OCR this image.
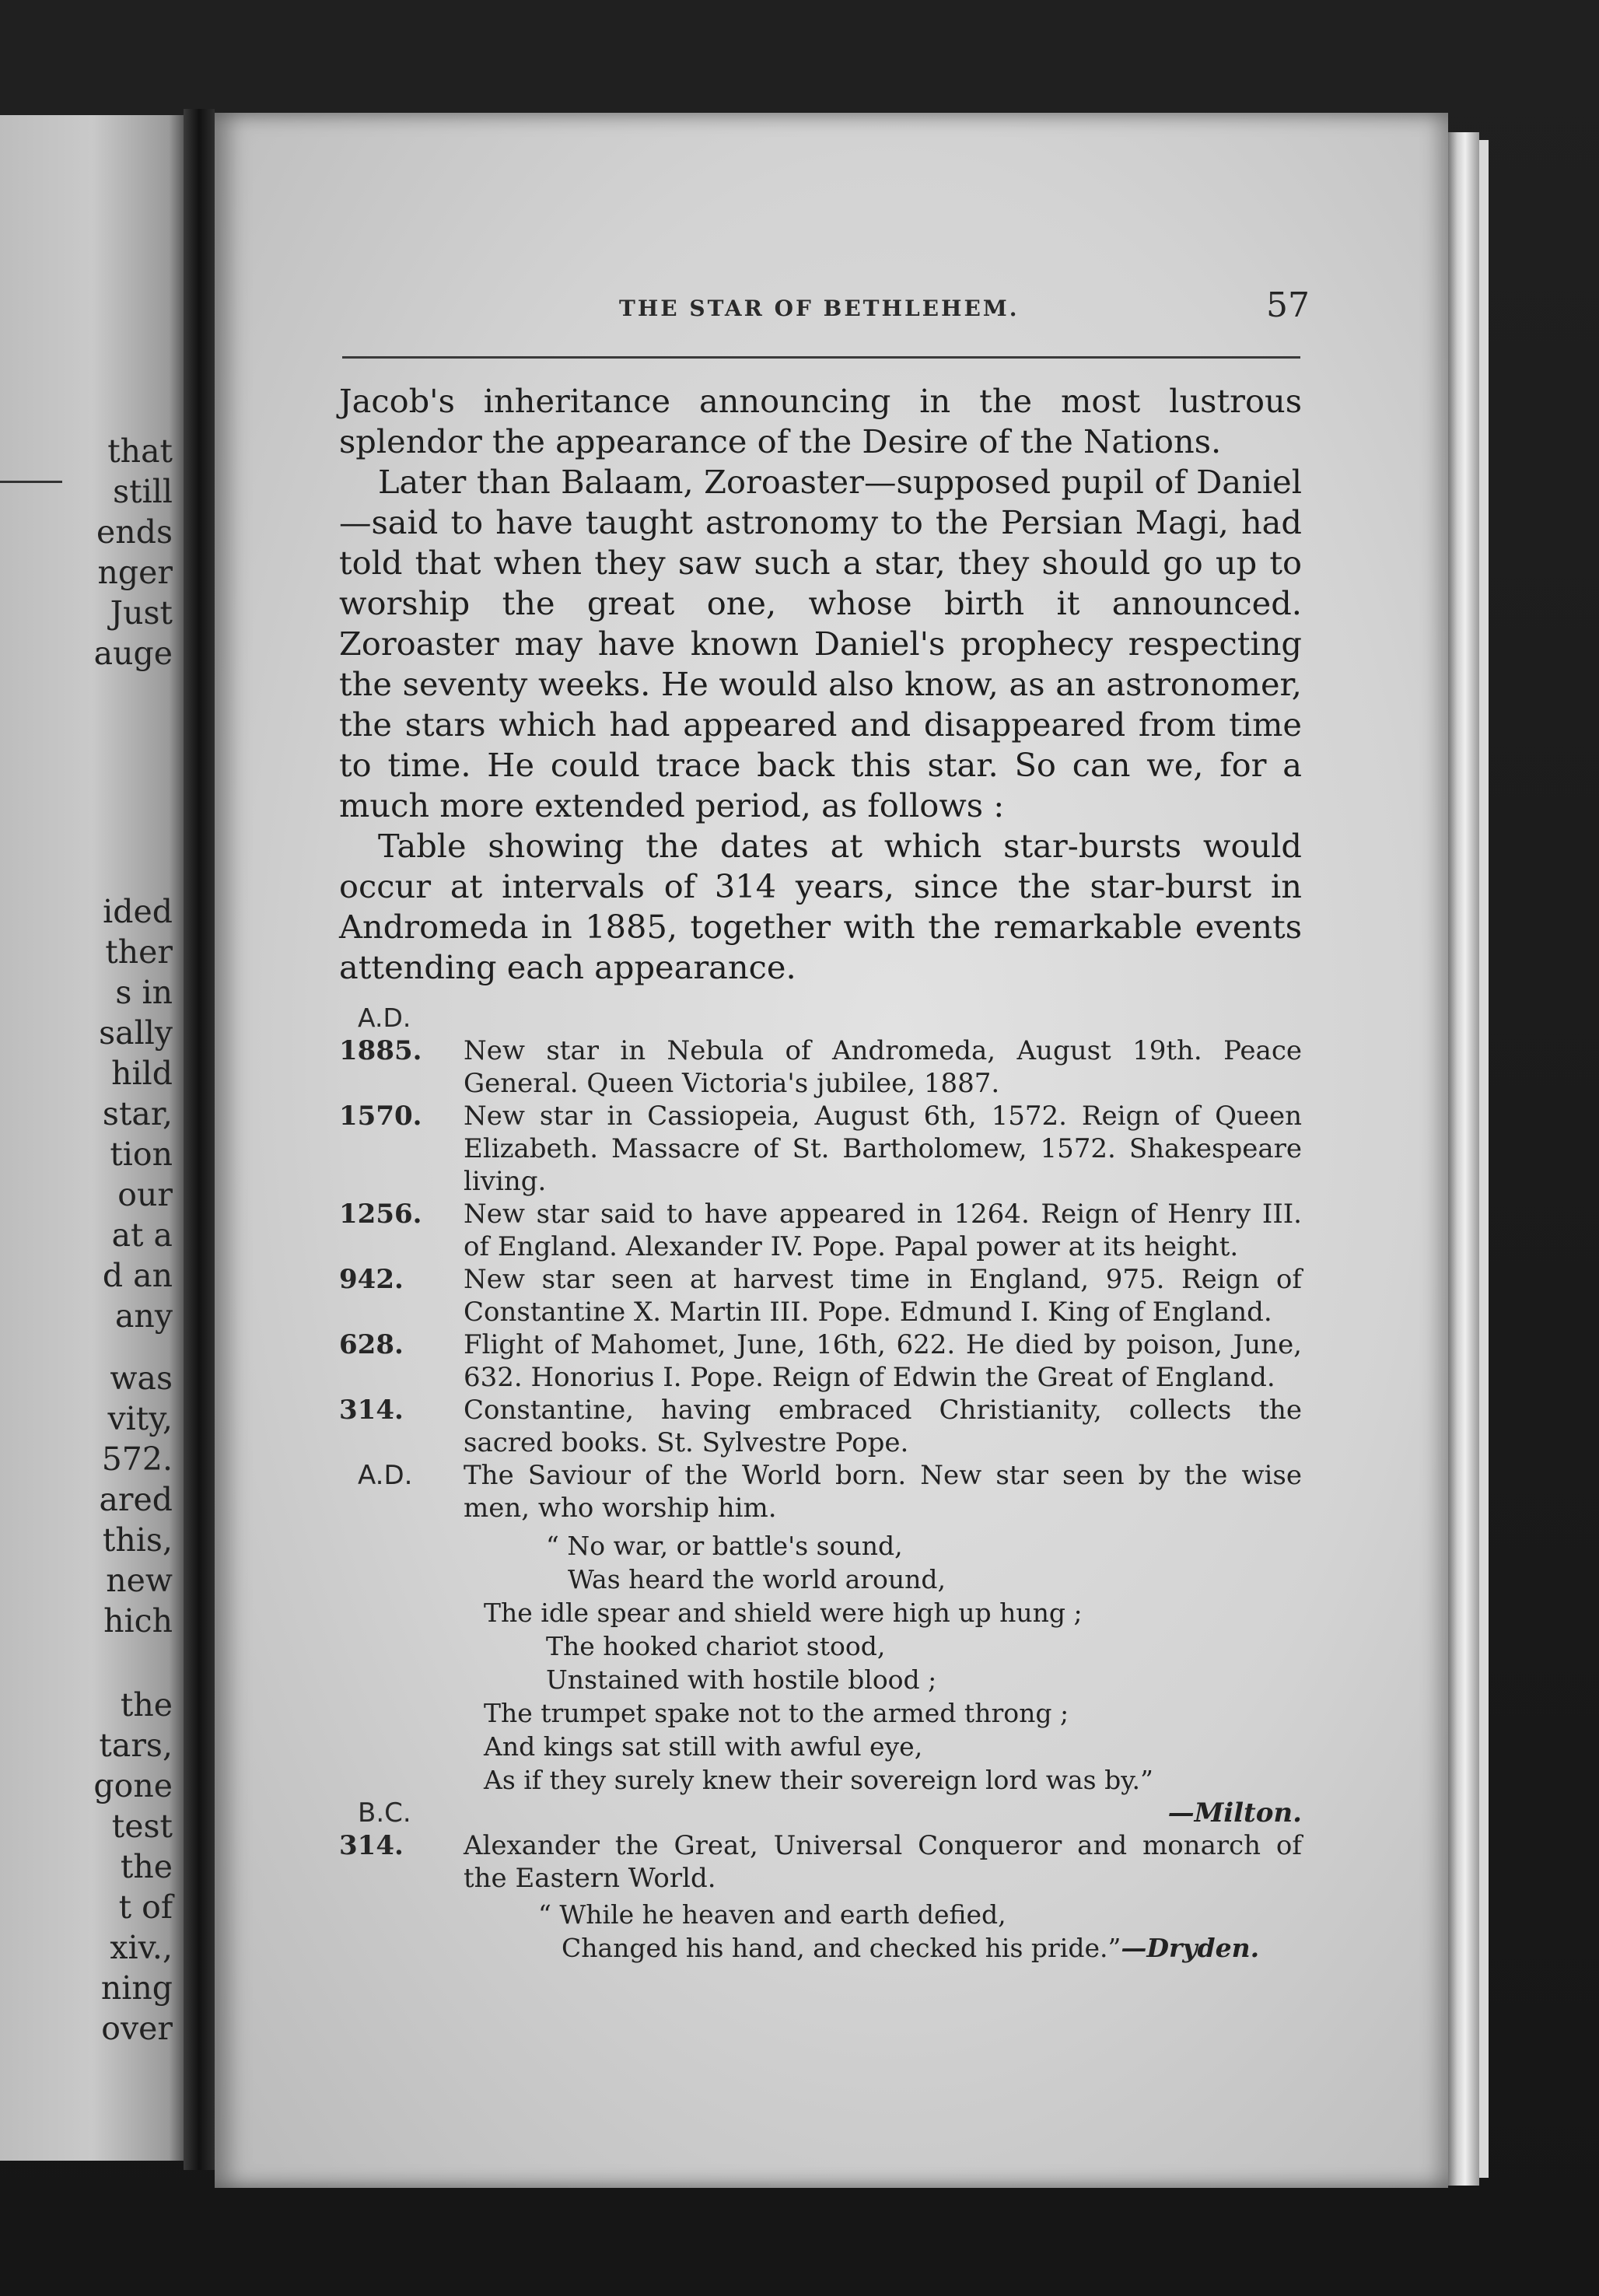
that
still
ends
nger
Just
auge
ided
ther
s in
sally
hild
star,
tion
our
at a
d an
any
was
vity,
572.
ared
this,
new
hich
the
tars,
gone
test
the
t of
xiv.,
ning
over
THE STAR OF BETHLEHEM.	57

Jacob's inheritance announcing in the most lustrous splendor the appearance of the Desire of the Nations.

Later than Balaam, Zoroaster—supposed pupil of Daniel—said to have taught astronomy to the Persian Magi, had told that when they saw such a star, they should go up to worship the great one, whose birth it announced. Zoroaster may have known Daniel's prophecy respecting the seventy weeks. He would also know, as an astronomer, the stars which had appeared and disappeared from time to time. He could trace back this star. So can we, for a much more extended period, as follows :

Table showing the dates at which star-bursts would occur at intervals of 314 years, since the star-burst in Andromeda in 1885, together with the remarkable events attending each appearance.

A.D.
1885.	New star in Nebula of Andromeda, August 19th. Peace General. Queen Victoria's jubilee, 1887.
1570.	New star in Cassiopeia, August 6th, 1572. Reign of Queen Elizabeth. Massacre of St. Bartholomew, 1572. Shakespeare living.
1256.	New star said to have appeared in 1264. Reign of Henry III. of England. Alexander IV. Pope. Papal power at its height.
942.	New star seen at harvest time in England, 975. Reign of Constantine X. Martin III. Pope. Edmund I. King of England.
628.	Flight of Mahomet, June, 16th, 622. He died by poison, June, 632. Honorius I. Pope. Reign of Edwin the Great of England.
314.	Constantine, having embraced Christianity, collects the sacred books. St. Sylvestre Pope.
A.D.	The Saviour of the World born. New star seen by the wise men, who worship him.
“ No war, or battle's sound,
Was heard the world around,
The idle spear and shield were high up hung ;
The hooked chariot stood,
Unstained with hostile blood ;
The trumpet spake not to the armed throng ;
And kings sat still with awful eye,
As if they surely knew their sovereign lord was by.”
B.C.	—Milton.
314.	Alexander the Great, Universal Conqueror and monarch of the Eastern World.
“ While he heaven and earth defied,
Changed his hand, and checked his pride.”—Dryden.
